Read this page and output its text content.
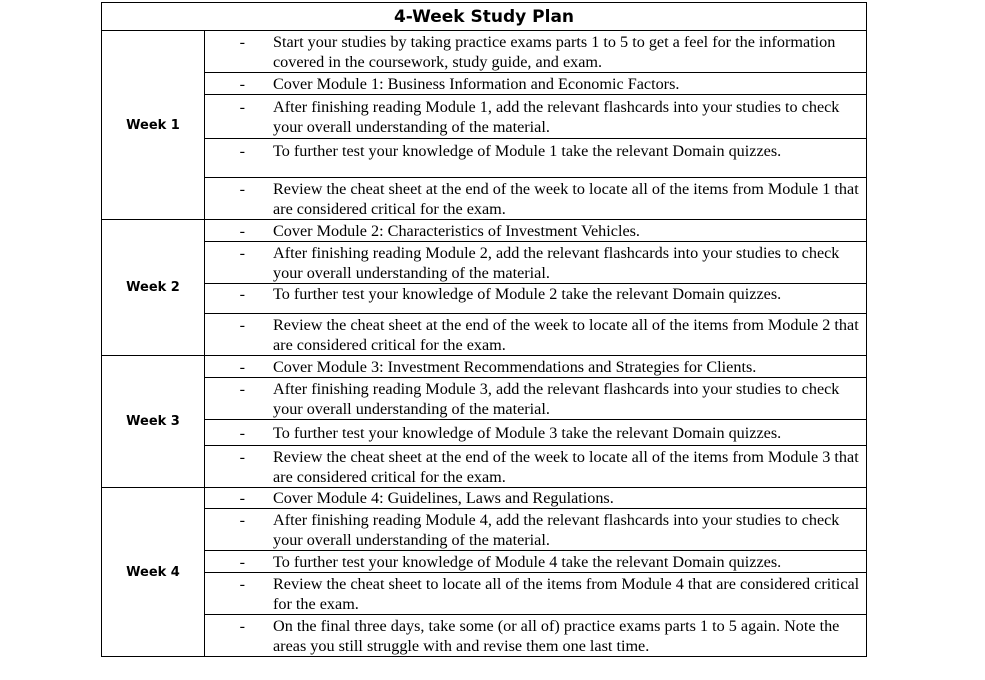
4-Week Study Plan	
Week 1	- Start your studies by taking practice exams parts 1 to 5 to get a feel for the information covered in the coursework, study guide, and exam.

	- Cover Module 1: Business Information and Economic Factors.

	- After finishing reading Module 1, add the relevant flashcards into your studies to check your overall understanding of the material.

	- To further test your knowledge of Module 1 take the relevant Domain quizzes.

	- Review the cheat sheet at the end of the week to locate all of the items from Module 1 that are considered critical for the exam.

Week 2	- Cover Module 2: Characteristics of Investment Vehicles.

	- After finishing reading Module 2, add the relevant flashcards into your studies to check your overall understanding of the material.

	- To further test your knowledge of Module 2 take the relevant Domain quizzes.

	- Review the cheat sheet at the end of the week to locate all of the items from Module 2 that are considered critical for the exam.

Week 3	- Cover Module 3: Investment Recommendations and Strategies for Clients.

	- After finishing reading Module 3, add the relevant flashcards into your studies to check your overall understanding of the material.

	- To further test your knowledge of Module 3 take the relevant Domain quizzes.

	- Review the cheat sheet at the end of the week to locate all of the items from Module 3 that are considered critical for the exam.

Week 4	- Cover Module 4: Guidelines, Laws and Regulations.

	- After finishing reading Module 4, add the relevant flashcards into your studies to check your overall understanding of the material.

	- To further test your knowledge of Module 4 take the relevant Domain quizzes.

	- Review the cheat sheet to locate all of the items from Module 4 that are considered critical for the exam.

	- On the final three days, take some (or all of) practice exams parts 1 to 5 again. Note the areas you still struggle with and revise them one last time.
